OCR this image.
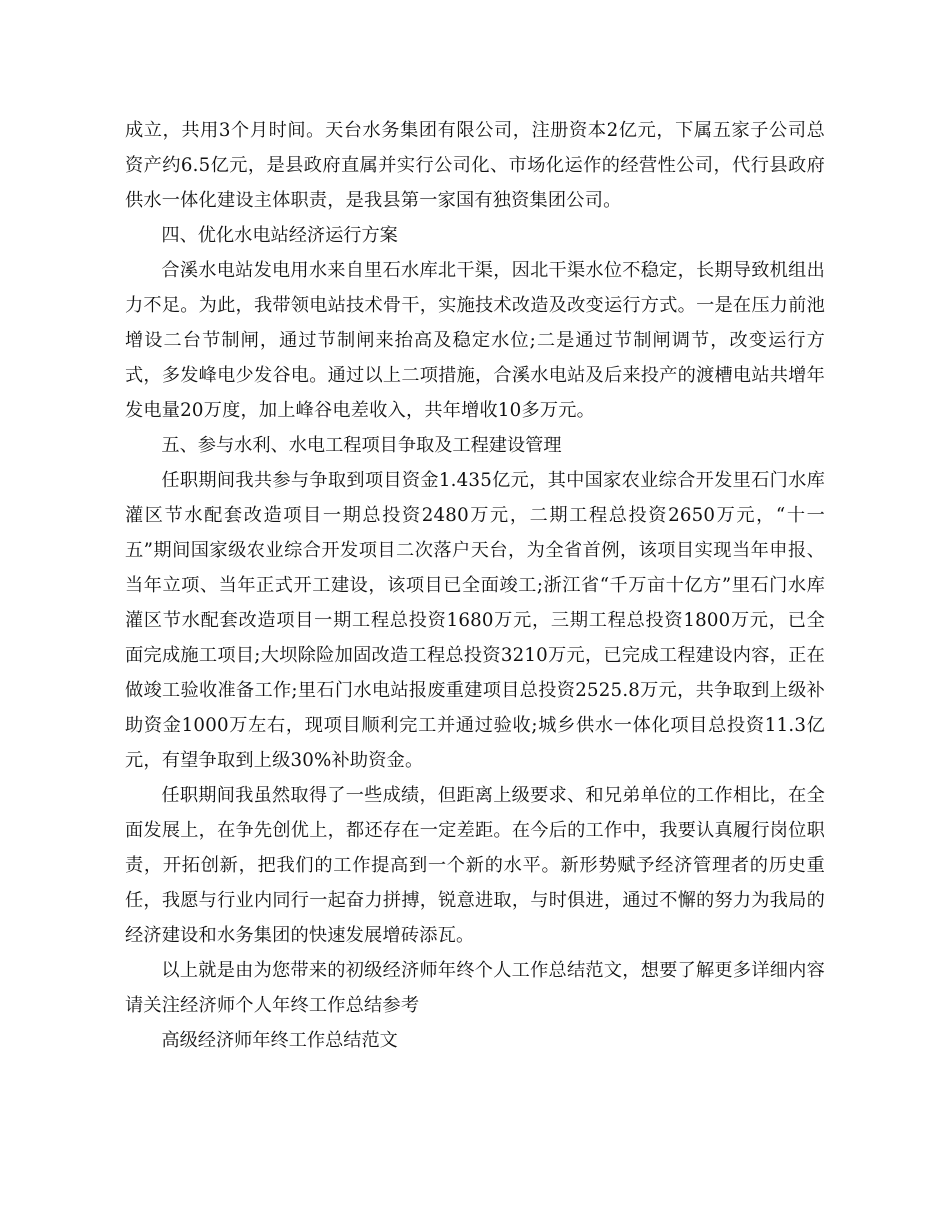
成立，共用3个月时间。天台水务集团有限公司，注册资本2亿元，下属五家子公司总资产约6.5亿元，是县政府直属并实行公司化、市场化运作的经营性公司，代行县政府供水一体化建设主体职责，是我县第一家国有独资集团公司。

四、优化水电站经济运行方案

合溪水电站发电用水来自里石水库北干渠，因北干渠水位不稳定，长期导致机组出力不足。为此，我带领电站技术骨干，实施技术改造及改变运行方式。一是在压力前池增设二台节制闸，通过节制闸来抬高及稳定水位;二是通过节制闸调节，改变运行方式，多发峰电少发谷电。通过以上二项措施，合溪水电站及后来投产的渡槽电站共增年发电量20万度，加上峰谷电差收入，共年增收10多万元。

五、参与水利、水电工程项目争取及工程建设管理

任职期间我共参与争取到项目资金1.435亿元，其中国家农业综合开发里石门水库灌区节水配套改造项目一期总投资2480万元，二期工程总投资2650万元，“十一五”期间国家级农业综合开发项目二次落户天台，为全省首例，该项目实现当年申报、当年立项、当年正式开工建设，该项目已全面竣工;浙江省“千万亩十亿方”里石门水库灌区节水配套改造项目一期工程总投资1680万元，三期工程总投资1800万元，已全面完成施工项目;大坝除险加固改造工程总投资3210万元，已完成工程建设内容，正在做竣工验收准备工作;里石门水电站报废重建项目总投资2525.8万元，共争取到上级补助资金1000万左右，现项目顺利完工并通过验收;城乡供水一体化项目总投资11.3亿元，有望争取到上级30%补助资金。

任职期间我虽然取得了一些成绩，但距离上级要求、和兄弟单位的工作相比，在全面发展上，在争先创优上，都还存在一定差距。在今后的工作中，我要认真履行岗位职责，开拓创新，把我们的工作提高到一个新的水平。新形势赋予经济管理者的历史重任，我愿与行业内同行一起奋力拼搏，锐意进取，与时俱进，通过不懈的努力为我局的经济建设和水务集团的快速发展增砖添瓦。

以上就是由为您带来的初级经济师年终个人工作总结范文，想要了解更多详细内容请关注经济师个人年终工作总结参考

高级经济师年终工作总结范文
